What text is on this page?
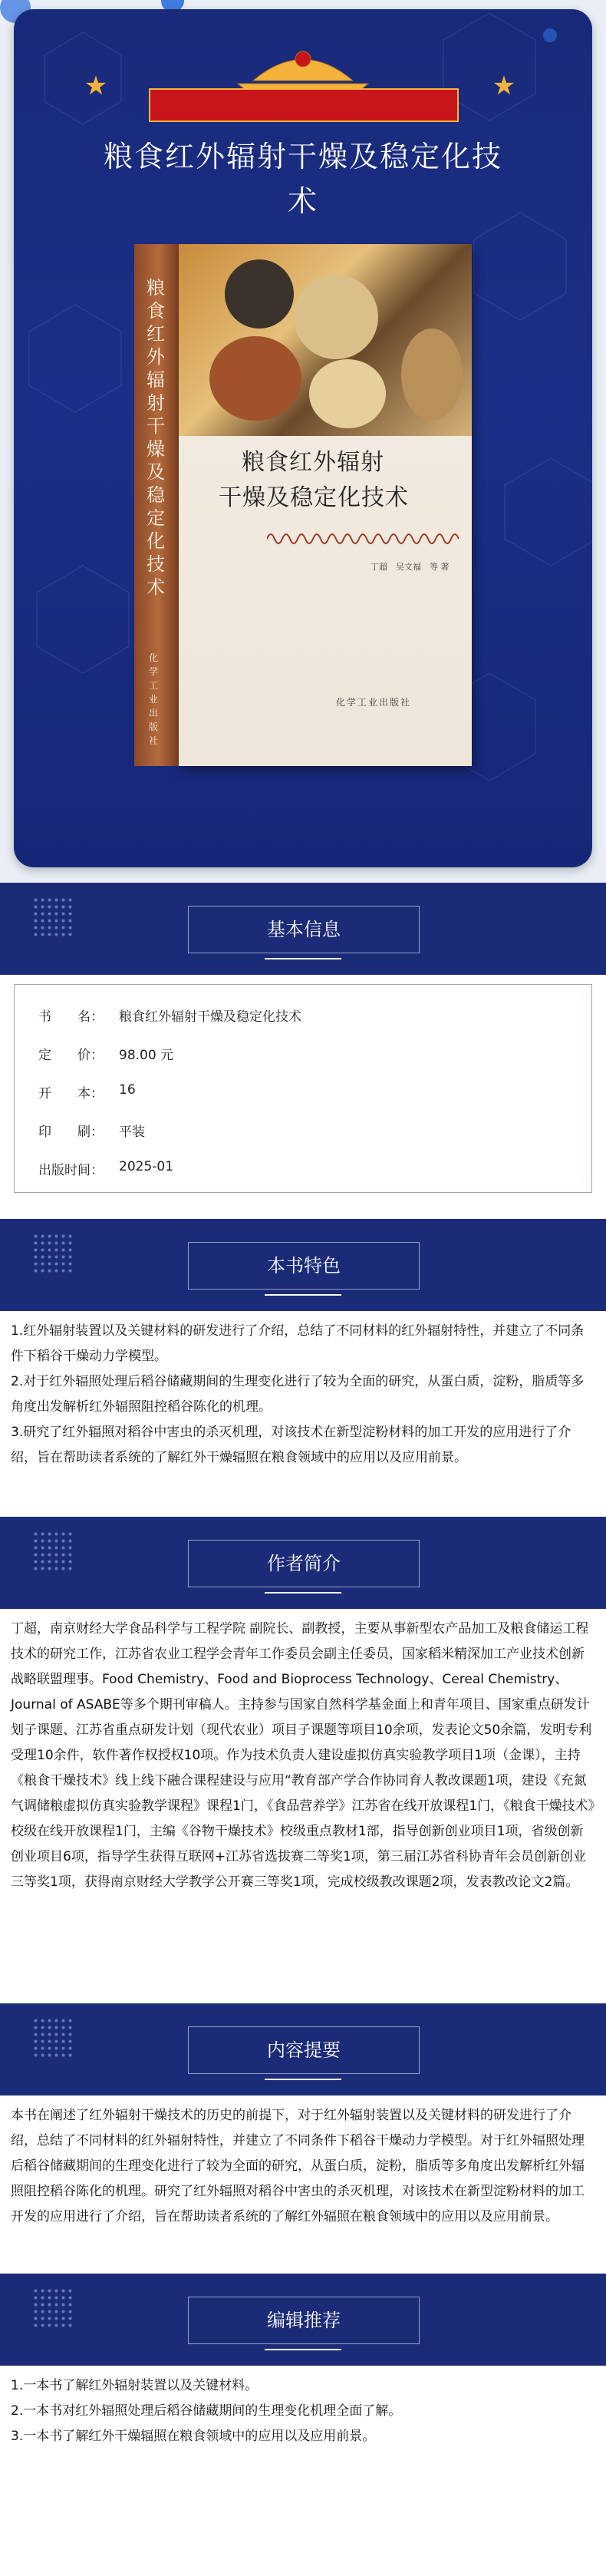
★	★
粮食红外辐射干燥及稳定化技
术
粮食红外辐射干燥及稳定化技术
化学工业出版社
粮食红外辐射
干燥及稳定化技术
丁超　吴文福　等 著
化学工业出版社
基本信息
书　　名：	粮食红外辐射干燥及稳定化技术
定　　价：	98.00 元
开　　本：	16
印　　刷：	平装
出版时间：	2025-01
本书特色
1.红外辐射装置以及关键材料的研发进行了介绍，总结了不同材料的红外辐射特性，并建立了不同条件下稻谷干燥动力学模型。
2.对于红外辐照处理后稻谷储藏期间的生理变化进行了较为全面的研究，从蛋白质，淀粉，脂质等多角度出发解析红外辐照阻控稻谷陈化的机理。
3.研究了红外辐照对稻谷中害虫的杀灭机理，对该技术在新型淀粉材料的加工开发的应用进行了介绍，旨在帮助读者系统的了解红外干燥辐照在粮食领域中的应用以及应用前景。
作者简介
丁超，南京财经大学食品科学与工程学院 副院长、副教授，主要从事新型农产品加工及粮食储运工程技术的研究工作，江苏省农业工程学会青年工作委员会副主任委员，国家稻米精深加工产业技术创新战略联盟理事。Food Chemistry、Food and Bioprocess Technology、Cereal Chemistry、Journal of ASABE等多个期刊审稿人。主持参与国家自然科学基金面上和青年项目、国家重点研发计划子课题、江苏省重点研发计划（现代农业）项目子课题等项目10余项，发表论文50余篇，发明专利受理10余件，软件著作权授权10项。作为技术负责人建设虚拟仿真实验教学项目1项（金课），主持《粮食干燥技术》线上线下融合课程建设与应用“教育部产学合作协同育人教改课题1项，建设《充氮气调储粮虚拟仿真实验教学课程》课程1门，《食品营养学》江苏省在线开放课程1门，《粮食干燥技术》校级在线开放课程1门，主编《谷物干燥技术》校级重点教材1部，指导创新创业项目1项，省级创新创业项目6项，指导学生获得互联网+江苏省选拔赛二等奖1项，第三届江苏省科协青年会员创新创业三等奖1项，获得南京财经大学教学公开赛三等奖1项，完成校级教改课题2项，发表教改论文2篇。
内容提要
本书在阐述了红外辐射干燥技术的历史的前提下，对于红外辐射装置以及关键材料的研发进行了介绍，总结了不同材料的红外辐射特性，并建立了不同条件下稻谷干燥动力学模型。对于红外辐照处理后稻谷储藏期间的生理变化进行了较为全面的研究，从蛋白质，淀粉，脂质等多角度出发解析红外辐照阻控稻谷陈化的机理。研究了红外辐照对稻谷中害虫的杀灭机理，对该技术在新型淀粉材料的加工开发的应用进行了介绍，旨在帮助读者系统的了解红外辐照在粮食领域中的应用以及应用前景。
编辑推荐
1.一本书了解红外辐射装置以及关键材料。
2.一本书对红外辐照处理后稻谷储藏期间的生理变化机理全面了解。
3.一本书了解红外干燥辐照在粮食领域中的应用以及应用前景。
